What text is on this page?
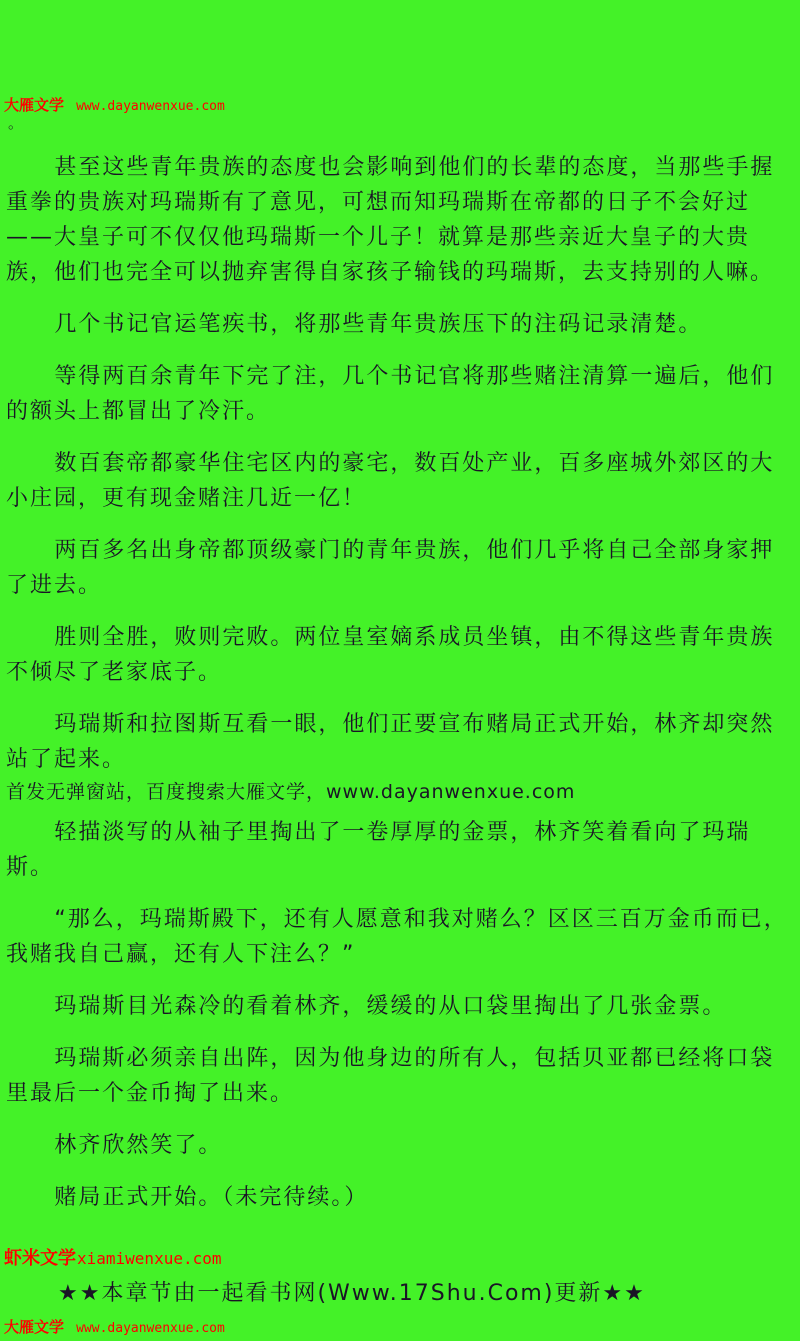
大雁文学 www.dayanwenxue.com
。

甚至这些青年贵族的态度也会影响到他们的长辈的态度，当那些手握重拳的贵族对玛瑞斯有了意见，可想而知玛瑞斯在帝都的日子不会好过——大皇子可不仅仅他玛瑞斯一个儿子！就算是那些亲近大皇子的大贵族，他们也完全可以抛弃害得自家孩子输钱的玛瑞斯，去支持别的人嘛。

几个书记官运笔疾书，将那些青年贵族压下的注码记录清楚。

等得两百余青年下完了注，几个书记官将那些赌注清算一遍后，他们的额头上都冒出了冷汗。

数百套帝都豪华住宅区内的豪宅，数百处产业，百多座城外郊区的大小庄园，更有现金赌注几近一亿！

两百多名出身帝都顶级豪门的青年贵族，他们几乎将自己全部身家押了进去。

胜则全胜，败则完败。两位皇室嫡系成员坐镇，由不得这些青年贵族不倾尽了老家底子。

玛瑞斯和拉图斯互看一眼，他们正要宣布赌局正式开始，林齐却突然站了起来。

首发无弹窗站，百度搜索大雁文学，www.dayanwenxue.com

轻描淡写的从袖子里掏出了一卷厚厚的金票，林齐笑着看向了玛瑞斯。

“那么，玛瑞斯殿下，还有人愿意和我对赌么？区区三百万金币而已，我赌我自己赢，还有人下注么？”

玛瑞斯目光森冷的看着林齐，缓缓的从口袋里掏出了几张金票。

玛瑞斯必须亲自出阵，因为他身边的所有人，包括贝亚都已经将口袋里最后一个金币掏了出来。

林齐欣然笑了。

赌局正式开始。（未完待续。）

虾米文学xiamiwenxue.com
★★本章节由一起看书网(Www.17Shu.Com)更新★★
大雁文学 www.dayanwenxue.com
